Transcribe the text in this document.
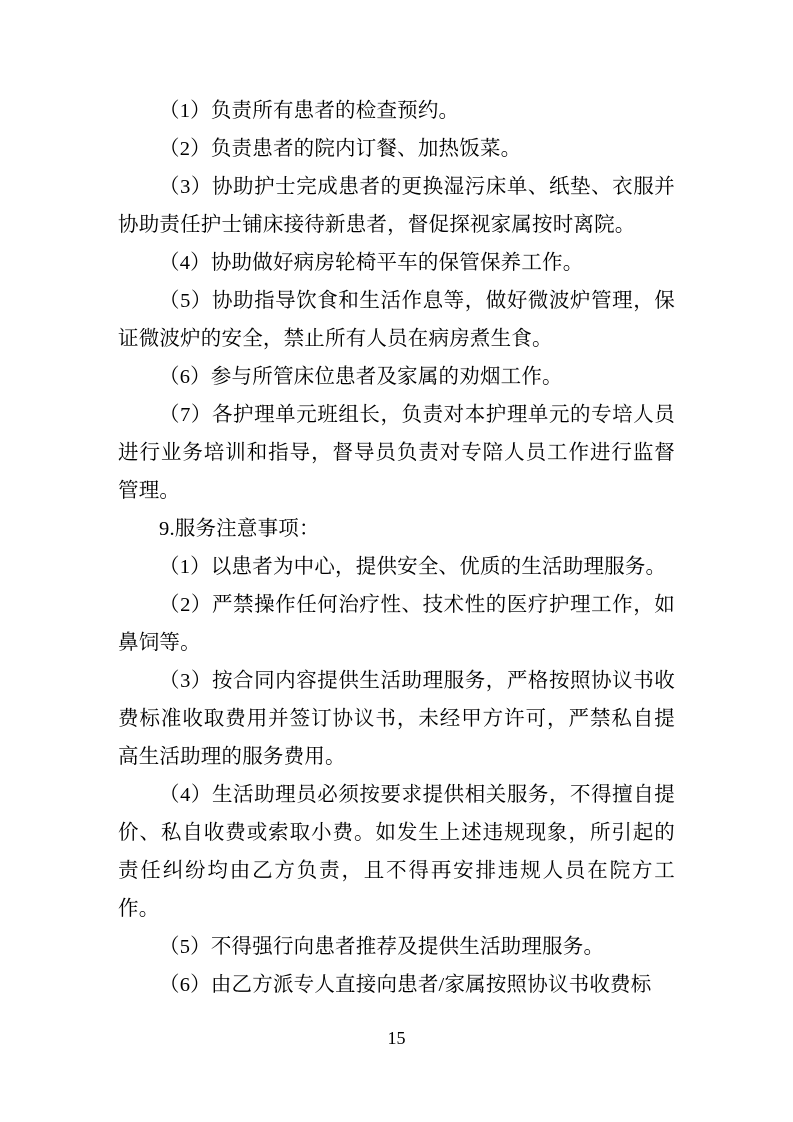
（1）负责所有患者的检查预约。

（2）负责患者的院内订餐、加热饭菜。

（3）协助护士完成患者的更换湿污床单、纸垫、衣服并协助责任护士铺床接待新患者，督促探视家属按时离院。

（4）协助做好病房轮椅平车的保管保养工作。

（5）协助指导饮食和生活作息等，做好微波炉管理，保证微波炉的安全，禁止所有人员在病房煮生食。

（6）参与所管床位患者及家属的劝烟工作。

（7）各护理单元班组长，负责对本护理单元的专培人员进行业务培训和指导，督导员负责对专陪人员工作进行监督管理。

9.服务注意事项：

（1）以患者为中心，提供安全、优质的生活助理服务。

（2）严禁操作任何治疗性、技术性的医疗护理工作，如鼻饲等。

（3）按合同内容提供生活助理服务，严格按照协议书收费标准收取费用并签订协议书，未经甲方许可，严禁私自提高生活助理的服务费用。

（4）生活助理员必须按要求提供相关服务，不得擅自提价、私自收费或索取小费。如发生上述违规现象，所引起的责任纠纷均由乙方负责，且不得再安排违规人员在院方工作。

（5）不得强行向患者推荐及提供生活助理服务。

（6）由乙方派专人直接向患者/家属按照协议书收费标

15
